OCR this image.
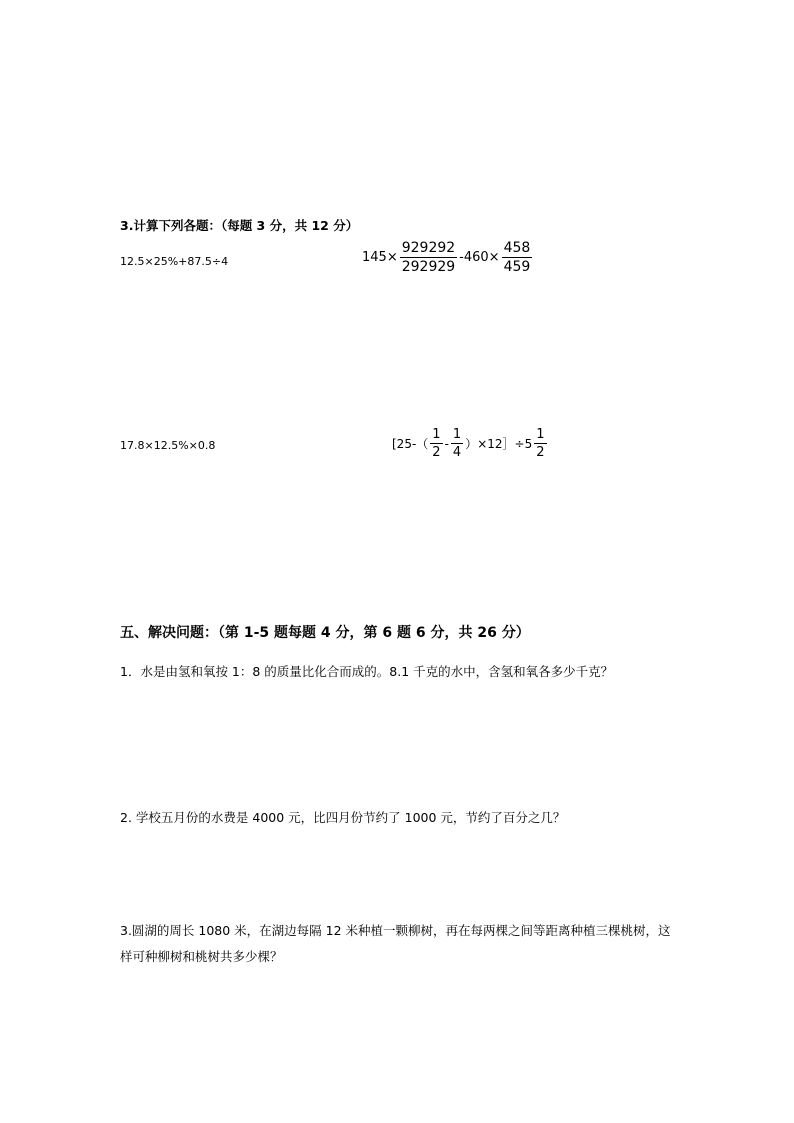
3.计算下列各题：（每题 3 分，共 12 分）
12.5×25%+87.5÷4	$145\times \frac{929292}{292929} -460\times \frac{458}{459}$
17.8×12.5%×0.8	[$25-( \frac{1}{2} - \frac{1}{4}$ ）×12］÷5 $\frac{1}{2}$
五、解决问题：（第 1-5 题每题 4 分，第 6 题 6 分，共 26 分）
1．水是由氢和氧按 1：8 的质量比化合而成的。8.1 千克的水中，含氢和氧各多少千克？
2. 学校五月份的水费是 4000 元，比四月份节约了 1000 元，节约了百分之几？
3.圆湖的周长 1080 米，在湖边每隔 12 米种植一颗柳树，再在每两棵之间等距离种植三棵桃树，这样可种柳树和桃树共多少棵？
